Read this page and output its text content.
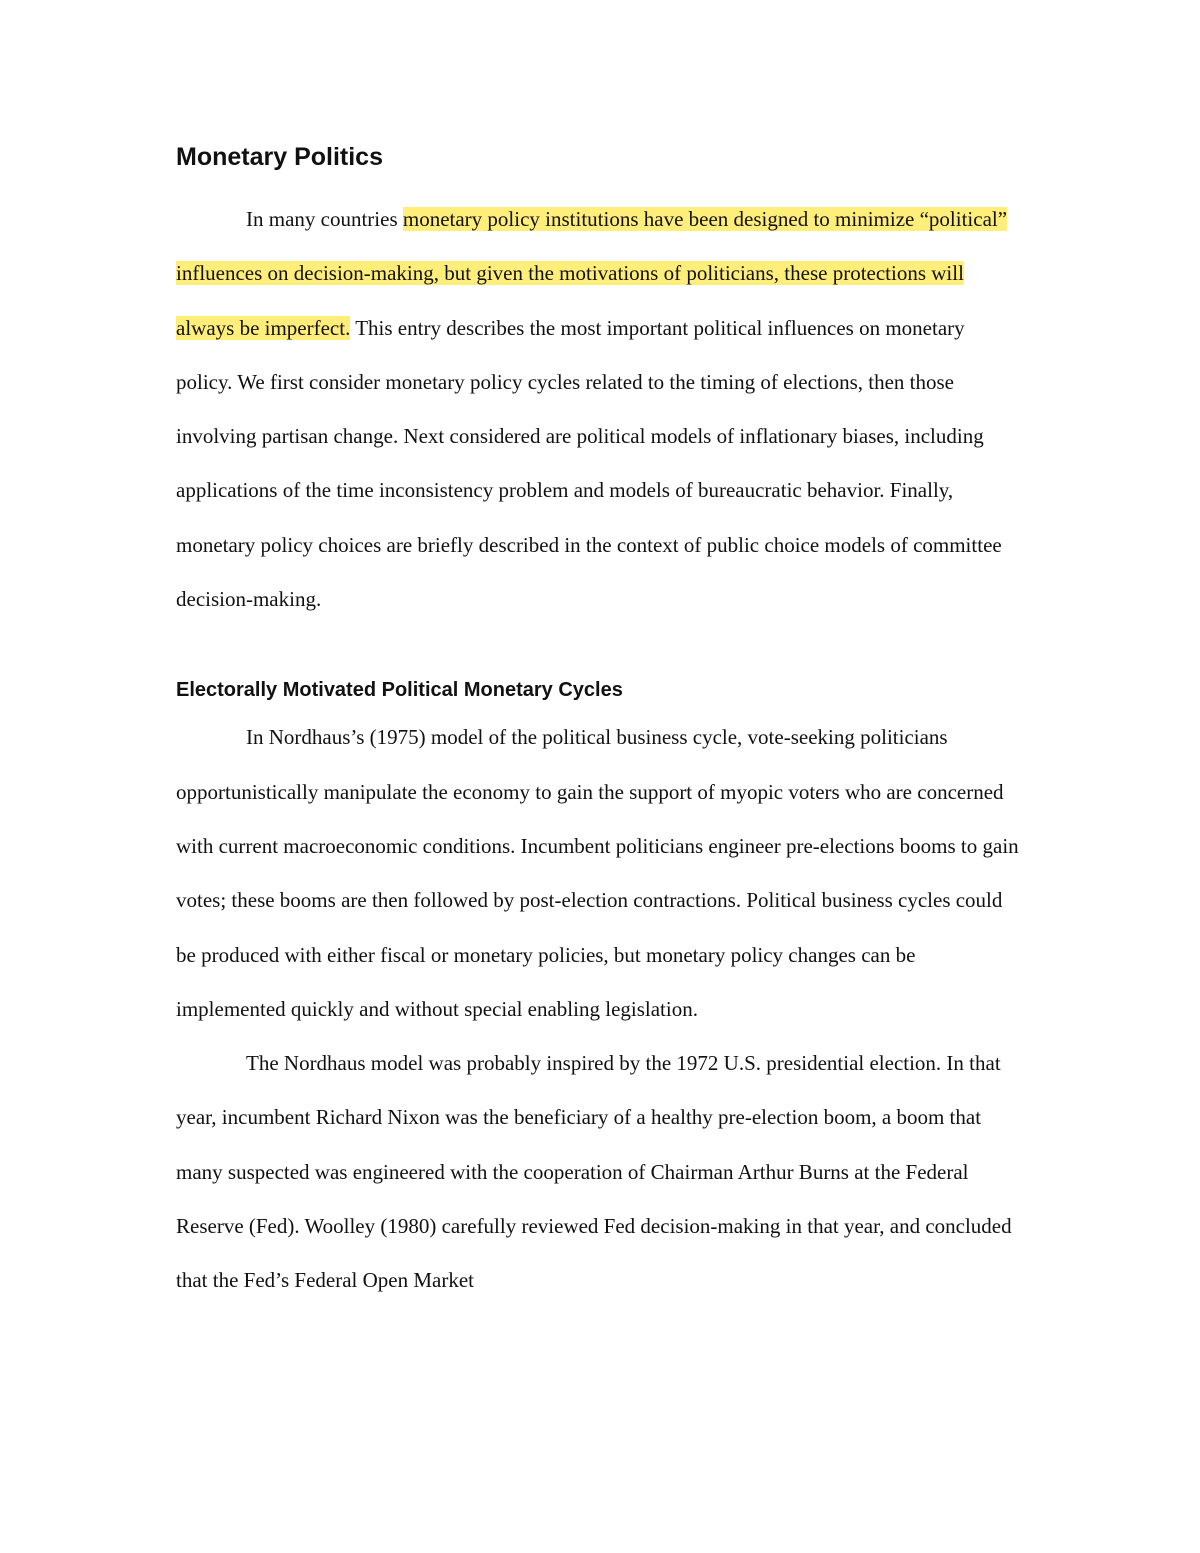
Monetary Politics

In many countries monetary policy institutions have been designed to minimize “political” influences on decision-making, but given the motivations of politicians, these protections will always be imperfect. This entry describes the most important political influences on monetary policy. We first consider monetary policy cycles related to the timing of elections, then those involving partisan change. Next considered are political models of inflationary biases, including applications of the time inconsistency problem and models of bureaucratic behavior. Finally, monetary policy choices are briefly described in the context of public choice models of committee decision-making.

Electorally Motivated Political Monetary Cycles

In Nordhaus’s (1975) model of the political business cycle, vote-seeking politicians opportunistically manipulate the economy to gain the support of myopic voters who are concerned with current macroeconomic conditions. Incumbent politicians engineer pre-elections booms to gain votes; these booms are then followed by post-election contractions. Political business cycles could be produced with either fiscal or monetary policies, but monetary policy changes can be implemented quickly and without special enabling legislation.

The Nordhaus model was probably inspired by the 1972 U.S. presidential election. In that year, incumbent Richard Nixon was the beneficiary of a healthy pre-election boom, a boom that many suspected was engineered with the cooperation of Chairman Arthur Burns at the Federal Reserve (Fed). Woolley (1980) carefully reviewed Fed decision-making in that year, and concluded that the Fed’s Federal Open Market
